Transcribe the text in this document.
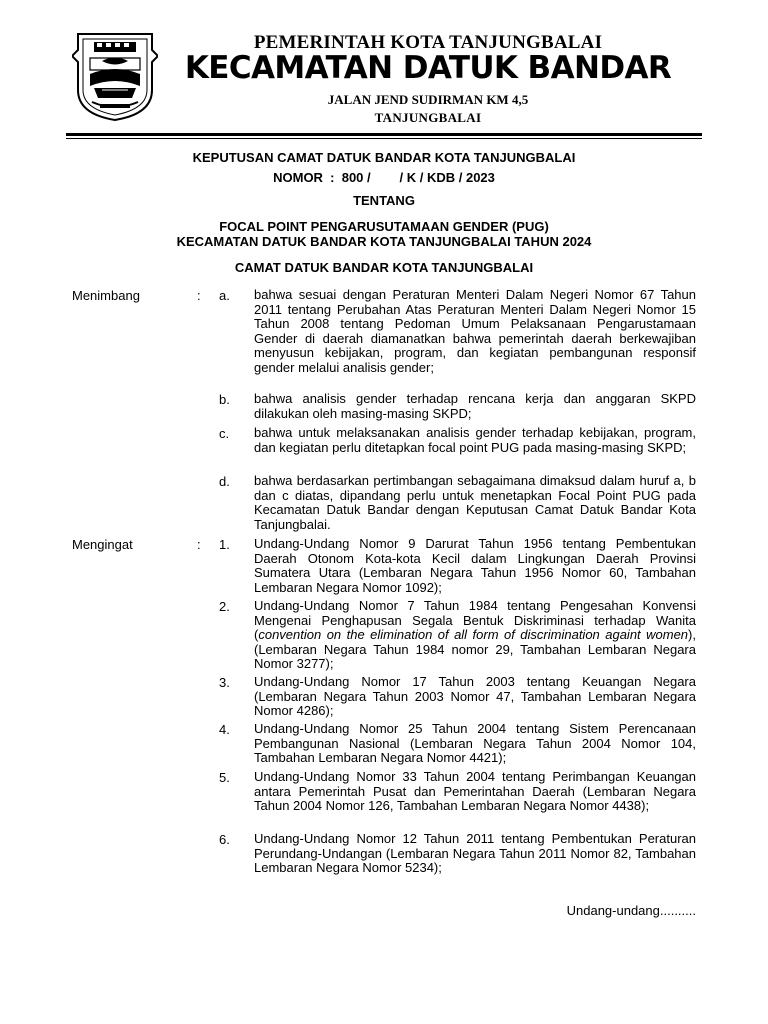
PEMERINTAH KOTA TANJUNGBALAI
KECAMATAN DATUK BANDAR
JALAN JEND SUDIRMAN KM 4,5
TANJUNGBALAI
KEPUTUSAN CAMAT DATUK BANDAR KOTA TANJUNGBALAI
NOMOR  :  800 /        / K / KDB / 2023
TENTANG
FOCAL POINT PENGARUSUTAMAAN GENDER (PUG)
KECAMATAN DATUK BANDAR KOTA TANJUNGBALAI TAHUN 2024
CAMAT DATUK BANDAR KOTA TANJUNGBALAI
Menimbang	: a. bahwa sesuai dengan Peraturan Menteri Dalam Negeri Nomor 67 Tahun 2011 tentang Perubahan Atas Peraturan Menteri Dalam Negeri Nomor 15 Tahun 2008 tentang Pedoman Umum Pelaksanaan Pengarustamaan Gender di daerah diamanatkan bahwa pemerintah daerah berkewajiban menyusun kebijakan, program, dan kegiatan pembangunan responsif gender melalui analisis gender;
b. bahwa analisis gender terhadap rencana kerja dan anggaran SKPD dilakukan oleh masing-masing SKPD;
c. bahwa untuk melaksanakan analisis gender terhadap kebijakan, program, dan kegiatan perlu ditetapkan focal point PUG pada masing-masing SKPD;
d. bahwa berdasarkan pertimbangan sebagaimana dimaksud dalam huruf a, b dan c diatas, dipandang perlu untuk menetapkan Focal Point PUG pada Kecamatan Datuk Bandar dengan Keputusan Camat Datuk Bandar Kota Tanjungbalai.
Mengingat	: 1. Undang-Undang Nomor 9 Darurat Tahun 1956 tentang Pembentukan Daerah Otonom Kota-kota Kecil dalam Lingkungan Daerah Provinsi Sumatera Utara (Lembaran Negara Tahun 1956 Nomor 60, Tambahan Lembaran Negara Nomor 1092);
2. Undang-Undang Nomor 7 Tahun 1984 tentang Pengesahan Konvensi Mengenai Penghapusan Segala Bentuk Diskriminasi terhadap Wanita (convention on the elimination of all form of discrimination againt women), (Lembaran Negara Tahun 1984 nomor 29, Tambahan Lembaran Negara Nomor 3277);
3. Undang-Undang Nomor 17 Tahun 2003 tentang Keuangan Negara (Lembaran Negara Tahun 2003 Nomor 47, Tambahan Lembaran Negara Nomor 4286);
4. Undang-Undang Nomor 25 Tahun 2004 tentang Sistem Perencanaan Pembangunan Nasional (Lembaran Negara Tahun 2004 Nomor 104, Tambahan Lembaran Negara Nomor 4421);
5. Undang-Undang Nomor 33 Tahun 2004 tentang Perimbangan Keuangan antara Pemerintah Pusat dan Pemerintahan Daerah (Lembaran Negara Tahun 2004 Nomor 126, Tambahan Lembaran Negara Nomor 4438);
6. Undang-Undang Nomor 12 Tahun 2011 tentang Pembentukan Peraturan Perundang-Undangan (Lembaran Negara Tahun 2011 Nomor 82, Tambahan Lembaran Negara Nomor 5234);
Undang-undang..........
